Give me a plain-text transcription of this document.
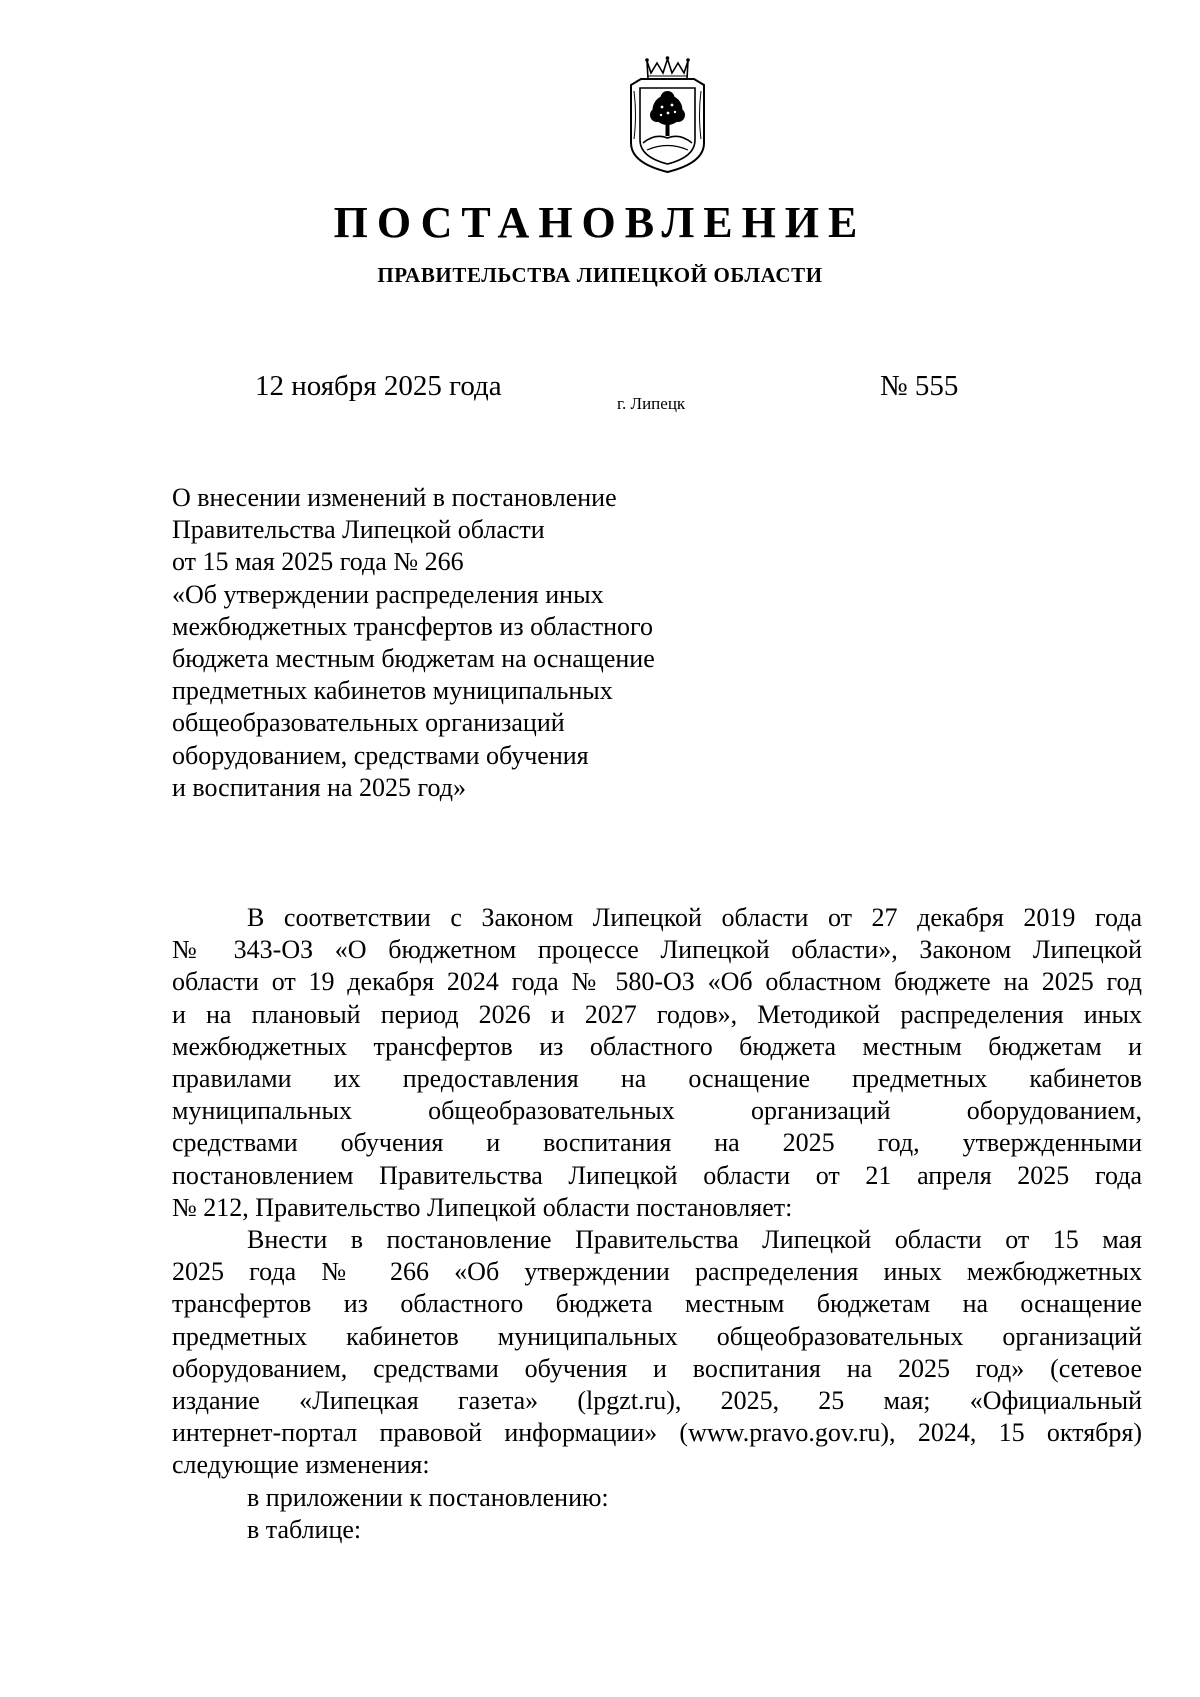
ПОСТАНОВЛЕНИЕ
ПРАВИТЕЛЬСТВА ЛИПЕЦКОЙ ОБЛАСТИ
12 ноября 2025 года
г. Липецк
№ 555
О внесении изменений в постановление
Правительства Липецкой области
от 15 мая 2025 года № 266
«Об утверждении распределения иных
межбюджетных трансфертов из областного
бюджета местным бюджетам на оснащение
предметных кабинетов муниципальных
общеобразовательных организаций
оборудованием, средствами обучения
и воспитания на 2025 год»
В соответствии с Законом Липецкой области от 27 декабря 2019 года
№ 343-ОЗ «О бюджетном процессе Липецкой области», Законом Липецкой
области от 19 декабря 2024 года № 580-ОЗ «Об областном бюджете на 2025 год
и на плановый период 2026 и 2027 годов», Методикой распределения иных
межбюджетных трансфертов из областного бюджета местным бюджетам и
правилами их предоставления на оснащение предметных кабинетов
муниципальных общеобразовательных организаций оборудованием,
средствами обучения и воспитания на 2025 год, утвержденными
постановлением Правительства Липецкой области от 21 апреля 2025 года
№ 212, Правительство Липецкой области постановляет:
Внести в постановление Правительства Липецкой области от 15 мая
2025 года № 266 «Об утверждении распределения иных межбюджетных
трансфертов из областного бюджета местным бюджетам на оснащение
предметных кабинетов муниципальных общеобразовательных организаций
оборудованием, средствами обучения и воспитания на 2025 год» (сетевое
издание «Липецкая газета» (lpgzt.ru), 2025, 25 мая; «Официальный
интернет-портал правовой информации» (www.pravo.gov.ru), 2024, 15 октября)
следующие изменения:
в приложении к постановлению:
в таблице:
